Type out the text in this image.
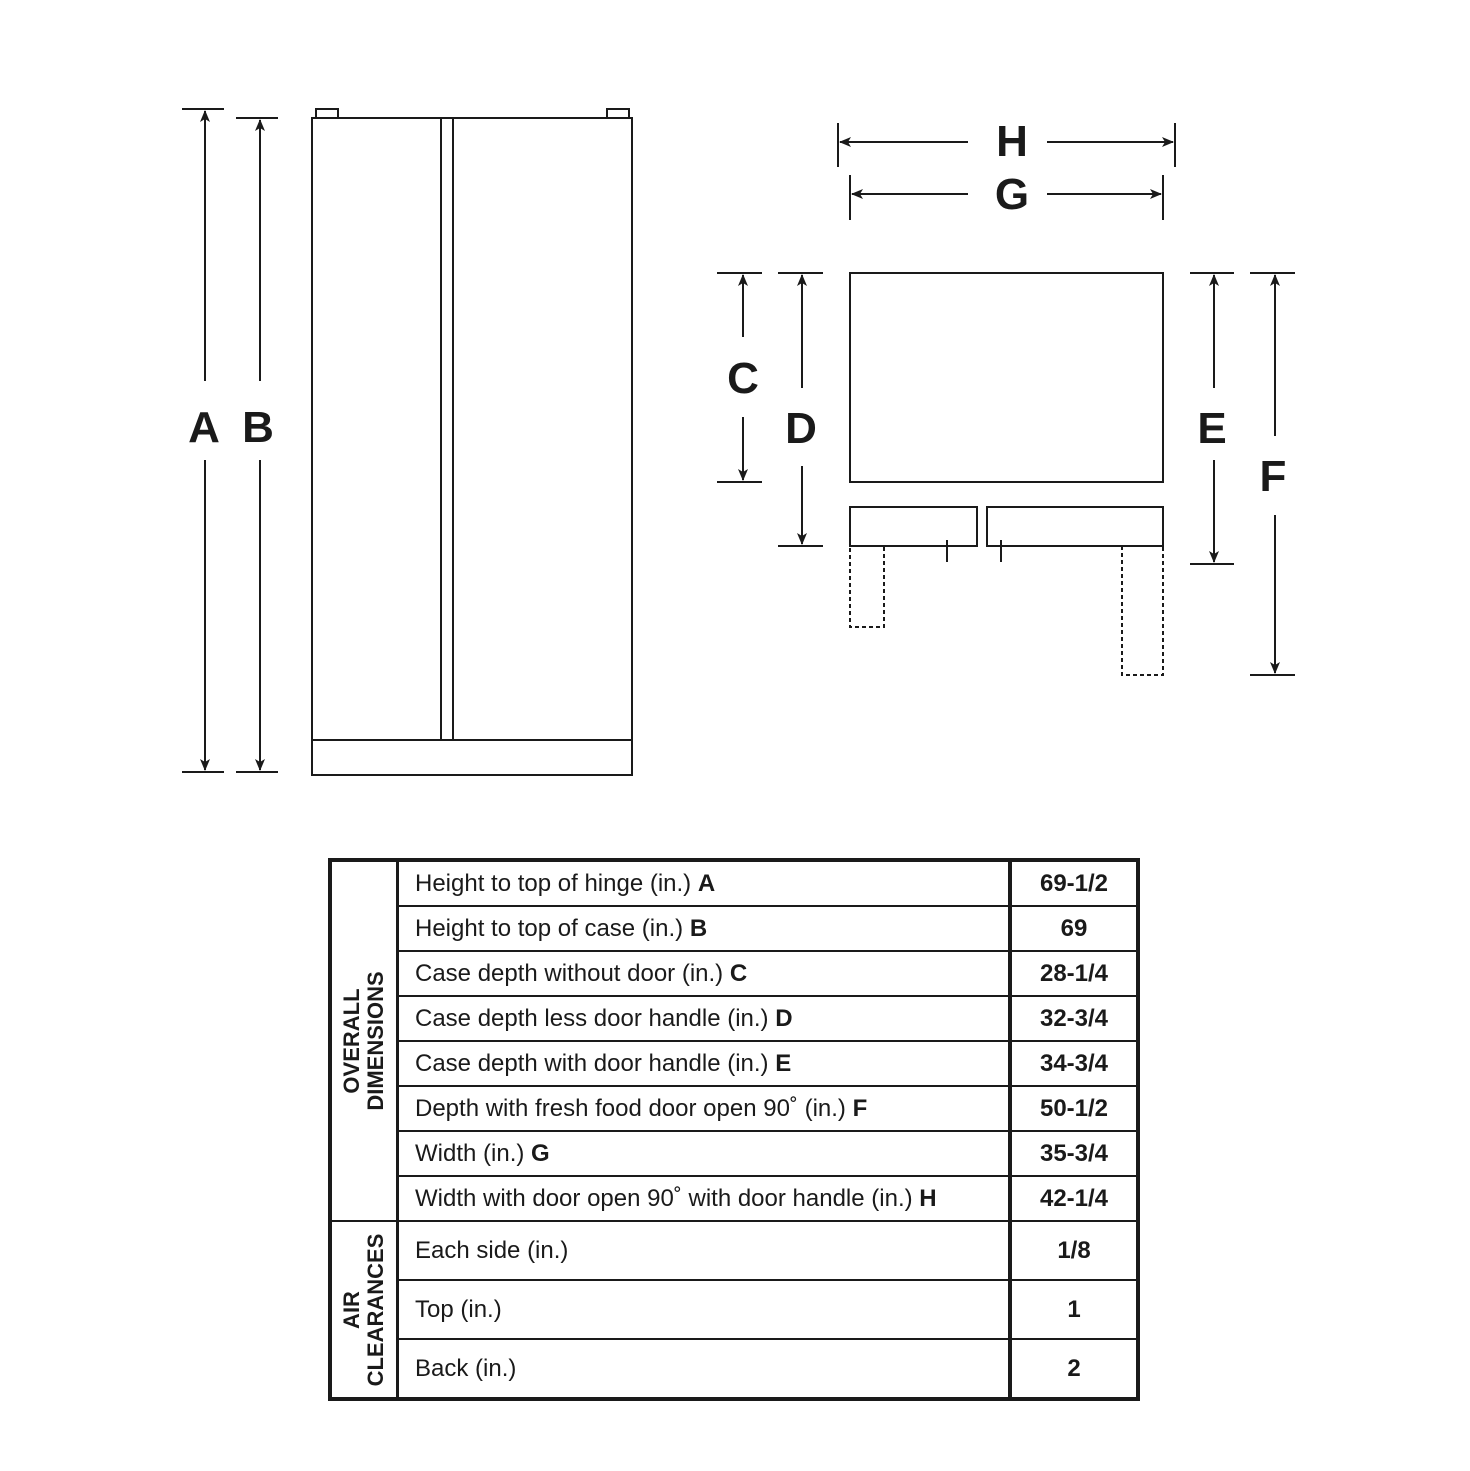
A B
H
G
C
D	E
F
OVERALL DIMENSIONS	Height to top of hinge (in.) A	69-1/2
	Height to top of case (in.) B	69
	Case depth without door (in.) C	28-1/4
	Case depth less door handle (in.) D	32-3/4
	Case depth with door handle (in.) E	34-3/4
	Depth with fresh food door open 90˚ (in.) F	50-1/2
	Width (in.) G	35-3/4
	Width with door open 90˚ with door handle (in.) H	42-1/4

AIR CLEARANCES	Each side (in.)	1/8
	Top (in.)	1
	Back (in.)	2
